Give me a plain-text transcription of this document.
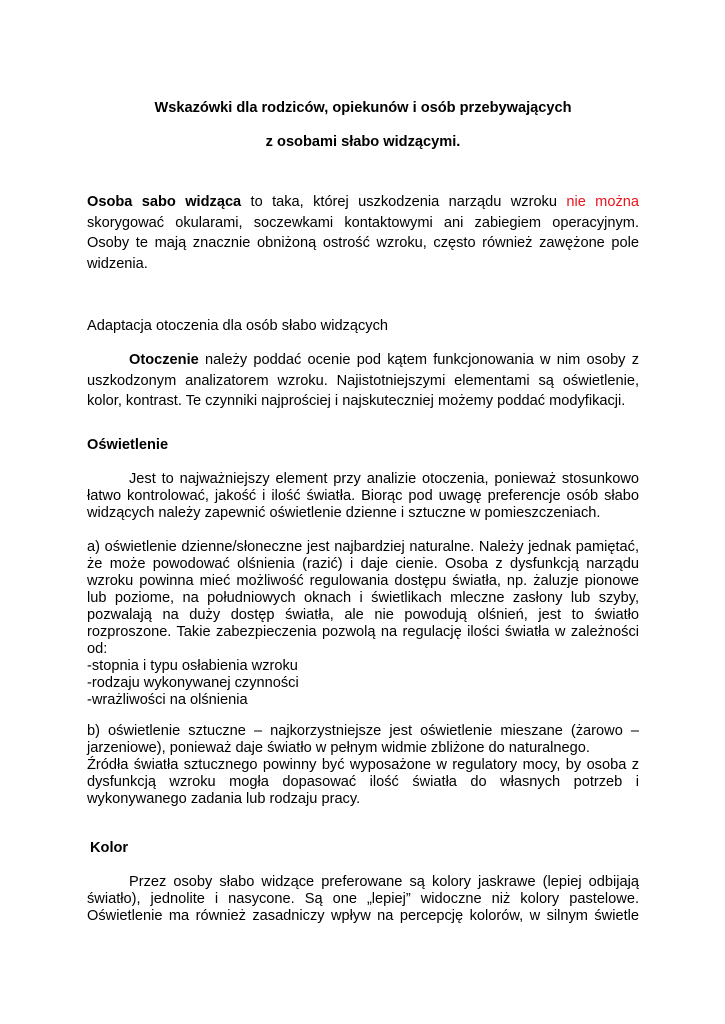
Wskazówki dla rodziców, opiekunów i osób przebywających

z osobami słabo widzącymi.

Osoba sabo widząca to taka, której uszkodzenia narządu wzroku nie można skorygować okularami, soczewkami kontaktowymi ani zabiegiem operacyjnym. Osoby te mają znacznie obniżoną ostrość wzroku, często również zawężone pole widzenia.

Adaptacja otoczenia dla osób słabo widzących

Otoczenie należy poddać ocenie pod kątem funkcjonowania w nim osoby z uszkodzonym analizatorem wzroku. Najistotniejszymi elementami są oświetlenie, kolor, kontrast. Te czynniki najprościej i najskuteczniej możemy poddać modyfikacji.

Oświetlenie

Jest to najważniejszy element przy analizie otoczenia, ponieważ stosunkowo łatwo kontrolować, jakość i ilość światła. Biorąc pod uwagę preferencje osób słabo widzących należy zapewnić oświetlenie dzienne i sztuczne w pomieszczeniach.

a) oświetlenie dzienne/słoneczne jest najbardziej naturalne. Należy jednak pamiętać, że może powodować olśnienia (razić) i daje cienie. Osoba z dysfunkcją narządu wzroku powinna mieć możliwość regulowania dostępu światła, np. żaluzje pionowe lub poziome, na południowych oknach i świetlikach mleczne zasłony lub szyby, pozwalają na duży dostęp światła, ale nie powodują olśnień, jest to światło rozproszone. Takie zabezpieczenia pozwolą na regulację ilości światła w zależności od:

-stopnia i typu osłabienia wzroku

-rodzaju wykonywanej czynności

-wrażliwości na olśnienia

b) oświetlenie sztuczne – najkorzystniejsze jest oświetlenie mieszane (żarowo – jarzeniowe), ponieważ daje światło w pełnym widmie zbliżone do naturalnego.

Źródła światła sztucznego powinny być wyposażone w regulatory mocy, by osoba z dysfunkcją wzroku mogła dopasować ilość światła do własnych potrzeb i wykonywanego zadania lub rodzaju pracy.

Kolor

Przez osoby słabo widzące preferowane są kolory jaskrawe (lepiej odbijają światło), jednolite i nasycone. Są one „lepiej” widoczne niż kolory pastelowe. Oświetlenie ma również zasadniczy wpływ na percepcję kolorów, w silnym świetle
